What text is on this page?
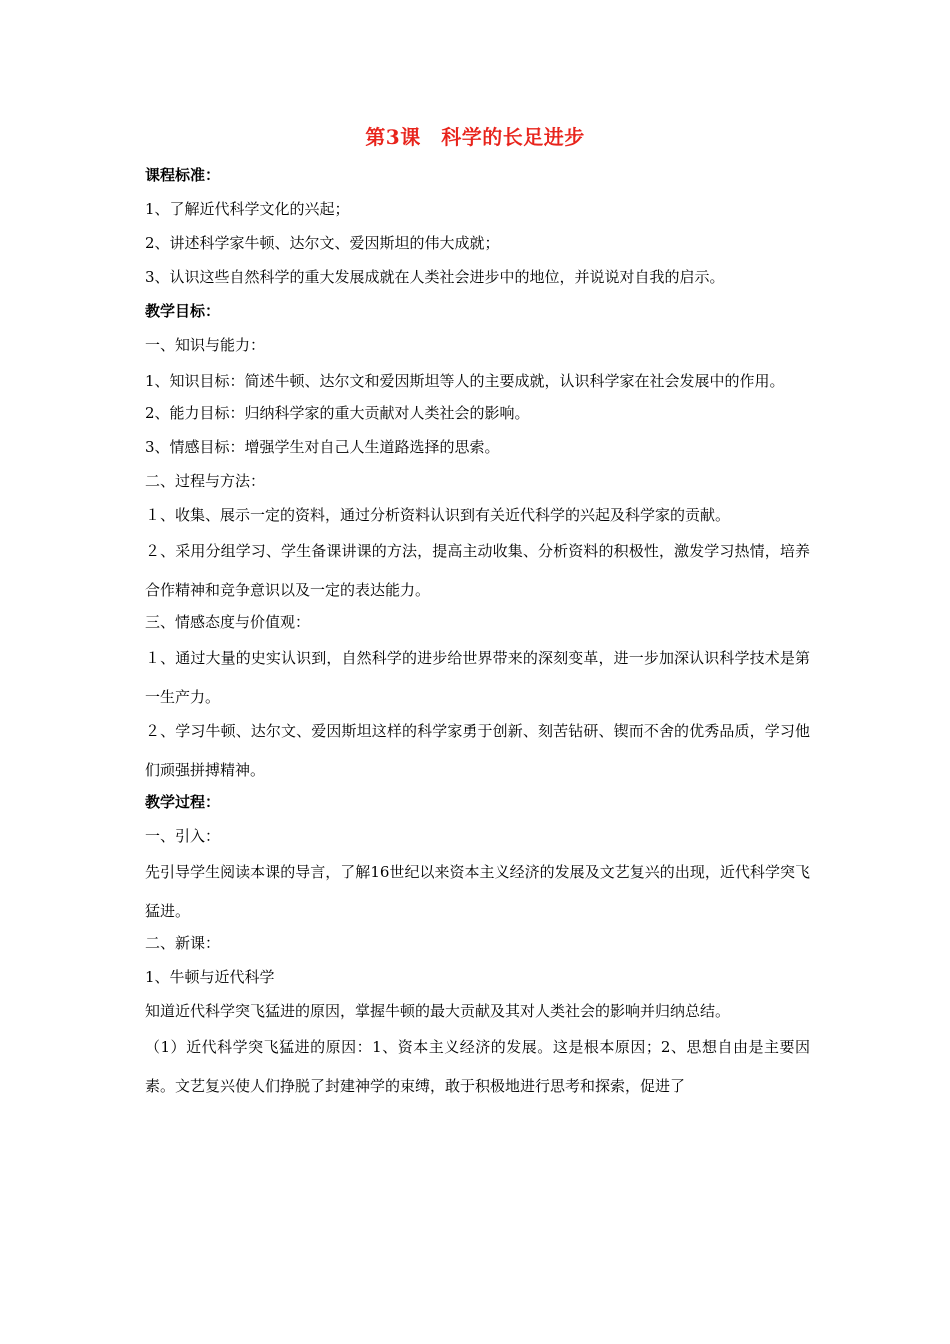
第3课　科学的长足进步
课程标准：
1、了解近代科学文化的兴起；
2、讲述科学家牛顿、达尔文、爱因斯坦的伟大成就；
3、认识这些自然科学的重大发展成就在人类社会进步中的地位，并说说对自我的启示。
教学目标：
一、知识与能力：
1、知识目标：简述牛顿、达尔文和爱因斯坦等人的主要成就，认识科学家在社会发展中的作用。
2、能力目标：归纳科学家的重大贡献对人类社会的影响。
3、情感目标：增强学生对自己人生道路选择的思索。
二、过程与方法：
１、收集、展示一定的资料，通过分析资料认识到有关近代科学的兴起及科学家的贡献。
２、采用分组学习、学生备课讲课的方法，提高主动收集、分析资料的积极性，激发学习热情，培养合作精神和竞争意识以及一定的表达能力。
三、情感态度与价值观：
１、通过大量的史实认识到，自然科学的进步给世界带来的深刻变革，进一步加深认识科学技术是第一生产力。
２、学习牛顿、达尔文、爱因斯坦这样的科学家勇于创新、刻苦钻研、锲而不舍的优秀品质，学习他们顽强拼搏精神。
教学过程：
一、引入：
先引导学生阅读本课的导言，了解16世纪以来资本主义经济的发展及文艺复兴的出现，近代科学突飞猛进。
二、新课：
1、牛顿与近代科学
知道近代科学突飞猛进的原因，掌握牛顿的最大贡献及其对人类社会的影响并归纳总结。
（1）近代科学突飞猛进的原因：1、资本主义经济的发展。这是根本原因；2、思想自由是主要因素。文艺复兴使人们挣脱了封建神学的束缚，敢于积极地进行思考和探索，促进了
